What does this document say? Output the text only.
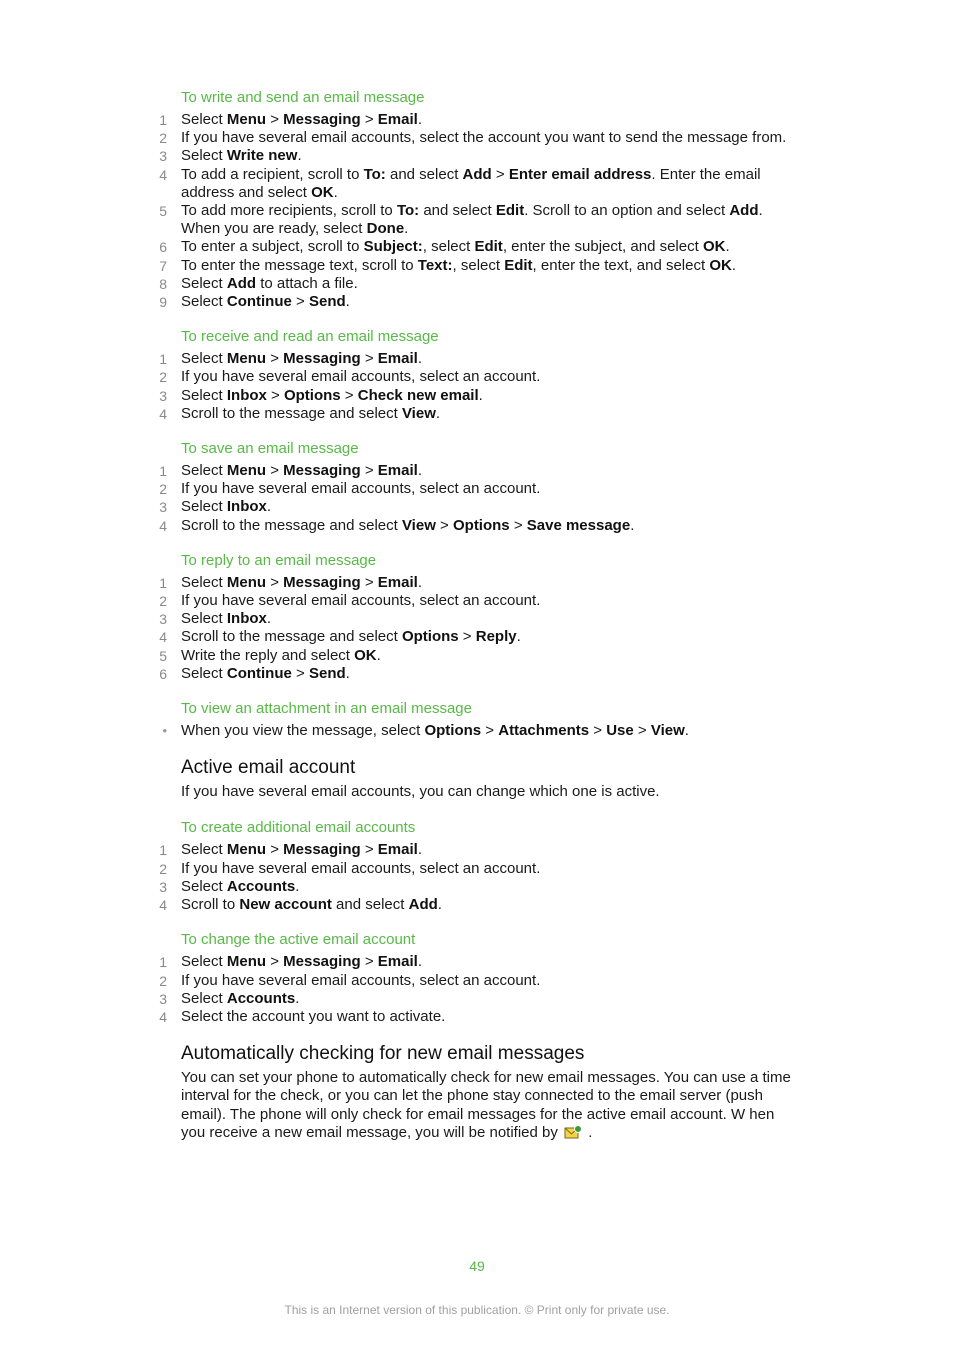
To write and send an email message
1 Select Menu > Messaging > Email.
2 If you have several email accounts, select the account you want to send the message from.
3 Select Write new.
4 To add a recipient, scroll to To: and select Add > Enter email address. Enter the email address and select OK.
5 To add more recipients, scroll to To: and select Edit. Scroll to an option and select Add. When you are ready, select Done.
6 To enter a subject, scroll to Subject:, select Edit, enter the subject, and select OK.
7 To enter the message text, scroll to Text:, select Edit, enter the text, and select OK.
8 Select Add to attach a file.
9 Select Continue > Send.
To receive and read an email message
1 Select Menu > Messaging > Email.
2 If you have several email accounts, select an account.
3 Select Inbox > Options > Check new email.
4 Scroll to the message and select View.
To save an email message
1 Select Menu > Messaging > Email.
2 If you have several email accounts, select an account.
3 Select Inbox.
4 Scroll to the message and select View > Options > Save message.
To reply to an email message
1 Select Menu > Messaging > Email.
2 If you have several email accounts, select an account.
3 Select Inbox.
4 Scroll to the message and select Options > Reply.
5 Write the reply and select OK.
6 Select Continue > Send.
To view an attachment in an email message
• When you view the message, select Options > Attachments > Use > View.
Active email account

If you have several email accounts, you can change which one is active.

To create additional email accounts
1 Select Menu > Messaging > Email.
2 If you have several email accounts, select an account.
3 Select Accounts.
4 Scroll to New account and select Add.
To change the active email account
1 Select Menu > Messaging > Email.
2 If you have several email accounts, select an account.
3 Select Accounts.
4 Select the account you want to activate.
Automatically checking for new email messages

You can set your phone to automatically check for new email messages. You can use a time interval for the check, or you can let the phone stay connected to the email server (push email). The phone will only check for email messages for the active email account. W hen you receive a new email message, you will be notified by  .

49
This is an Internet version of this publication. © Print only for private use.
